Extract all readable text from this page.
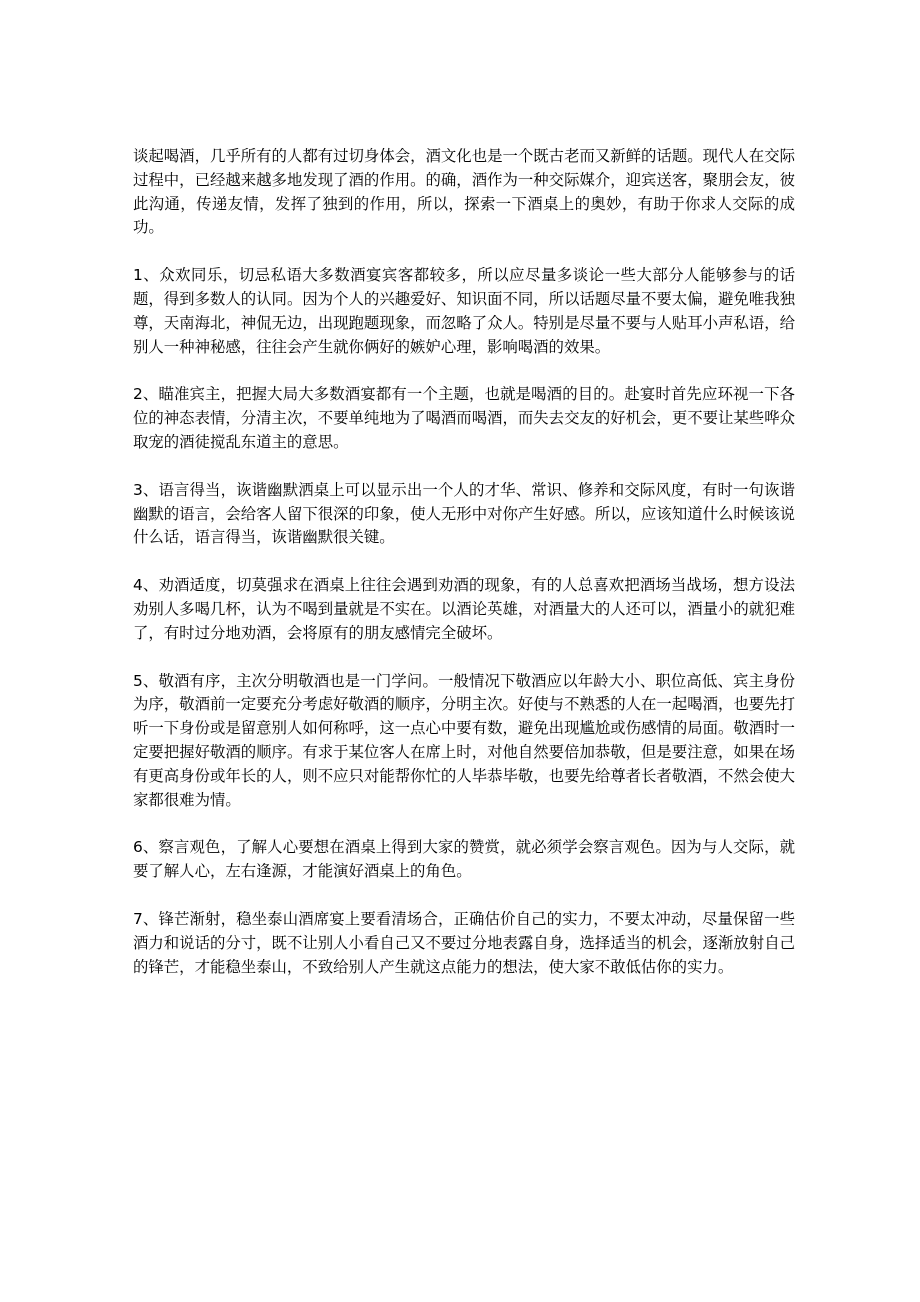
谈起喝酒，几乎所有的人都有过切身体会，酒文化也是一个既古老而又新鲜的话题。现代人在交际过程中，已经越来越多地发现了酒的作用。的确，酒作为一种交际媒介，迎宾送客，聚朋会友，彼此沟通，传递友情，发挥了独到的作用，所以，探索一下酒桌上的奥妙，有助于你求人交际的成功。

1、众欢同乐，切忌私语大多数酒宴宾客都较多，所以应尽量多谈论一些大部分人能够参与的话题，得到多数人的认同。因为个人的兴趣爱好、知识面不同，所以话题尽量不要太偏，避免唯我独尊，天南海北，神侃无边，出现跑题现象，而忽略了众人。特别是尽量不要与人贴耳小声私语，给别人一种神秘感，往往会产生就你俩好的嫉妒心理，影响喝酒的效果。

2、瞄准宾主，把握大局大多数酒宴都有一个主题，也就是喝酒的目的。赴宴时首先应环视一下各位的神态表情，分清主次，不要单纯地为了喝酒而喝酒，而失去交友的好机会，更不要让某些哗众取宠的酒徒搅乱东道主的意思。

3、语言得当，诙谐幽默洒桌上可以显示出一个人的才华、常识、修养和交际风度，有时一句诙谐幽默的语言，会给客人留下很深的印象，使人无形中对你产生好感。所以，应该知道什么时候该说什么话，语言得当，诙谐幽默很关键。

4、劝酒适度，切莫强求在酒桌上往往会遇到劝酒的现象，有的人总喜欢把酒场当战场，想方设法劝别人多喝几杯，认为不喝到量就是不实在。以酒论英雄，对酒量大的人还可以，酒量小的就犯难了，有时过分地劝酒，会将原有的朋友感情完全破坏。

5、敬酒有序，主次分明敬酒也是一门学问。一般情况下敬酒应以年龄大小、职位高低、宾主身份为序，敬酒前一定要充分考虑好敬酒的顺序，分明主次。好使与不熟悉的人在一起喝酒，也要先打听一下身份或是留意别人如何称呼，这一点心中要有数，避免出现尴尬或伤感情的局面。敬酒时一定要把握好敬酒的顺序。有求于某位客人在席上时，对他自然要倍加恭敬，但是要注意，如果在场有更高身份或年长的人，则不应只对能帮你忙的人毕恭毕敬，也要先给尊者长者敬酒，不然会使大家都很难为情。

6、察言观色，了解人心要想在酒桌上得到大家的赞赏，就必须学会察言观色。因为与人交际，就要了解人心，左右逢源，才能演好酒桌上的角色。

7、锋芒渐射，稳坐泰山酒席宴上要看清场合，正确估价自己的实力，不要太冲动，尽量保留一些酒力和说话的分寸，既不让别人小看自己又不要过分地表露自身，选择适当的机会，逐渐放射自己的锋芒，才能稳坐泰山，不致给别人产生就这点能力的想法，使大家不敢低估你的实力。
